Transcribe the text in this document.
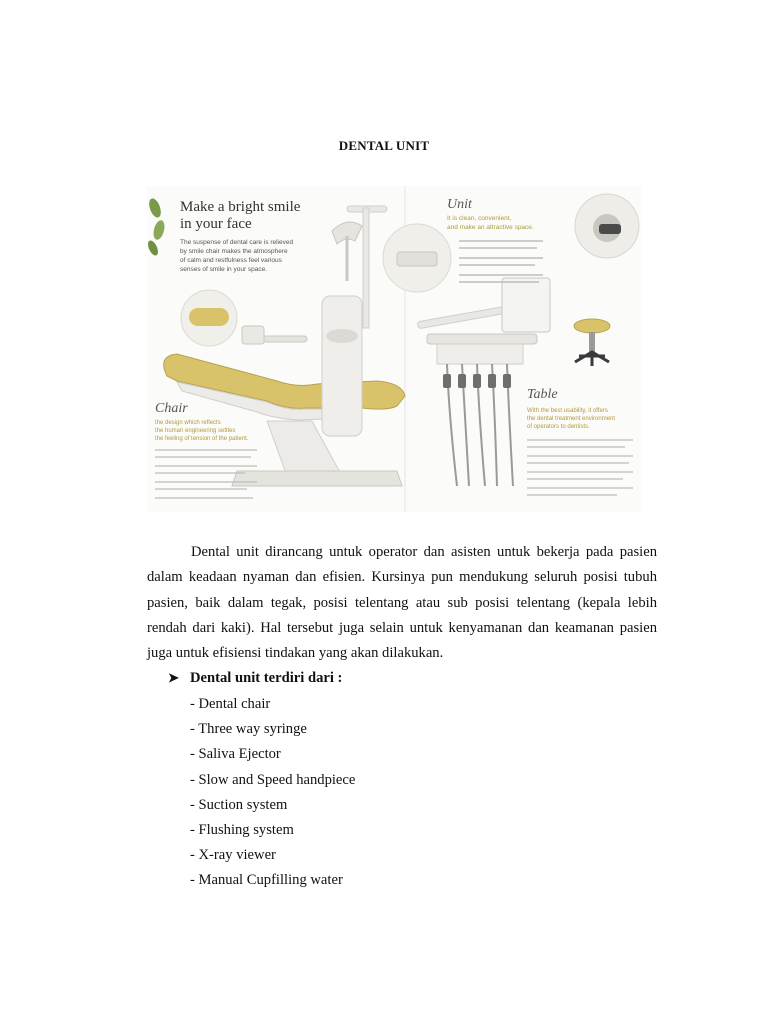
DENTAL UNIT
Make a bright smile
in your face
The suspense of dental care is relieved
by smile chair makes the atmosphere
of calm and restfulness feel various
senses of smile in your space.
Unit
It is clean, convenient,
and make an attractive space.
Chair
the design which reflects
the human engineering settles
the feeling of tension of the patient.
Table
With the best usability, it offers
the dental treatment environment
of operators to dentists.

Dental unit dirancang untuk operator dan asisten untuk bekerja pada pasien dalam keadaan nyaman dan efisien. Kursinya pun mendukung seluruh posisi tubuh pasien, baik dalam tegak, posisi telentang atau sub posisi telentang (kepala lebih rendah dari kaki). Hal tersebut juga selain untuk kenyamanan dan keamanan pasien juga untuk efisiensi tindakan yang akan dilakukan.

➤ Dental unit terdiri dari :
- Dental chair
- Three way syringe
- Saliva Ejector
- Slow and Speed handpiece
- Suction system
- Flushing system
- X-ray viewer
- Manual Cupfilling water
